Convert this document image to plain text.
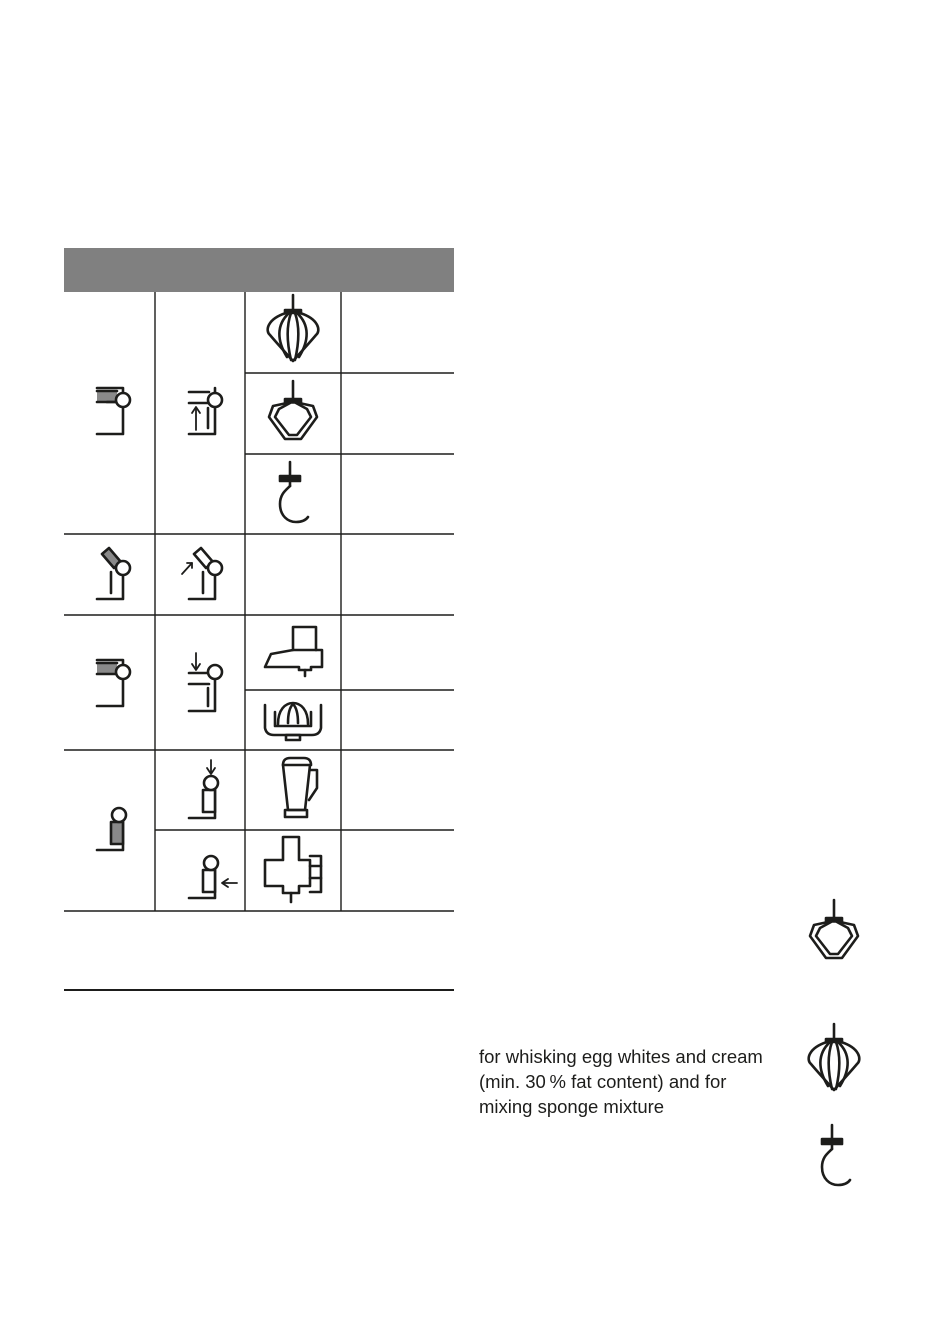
for whisking egg whites and cream
(min. 30 % fat content) and for
mixing sponge mixture
